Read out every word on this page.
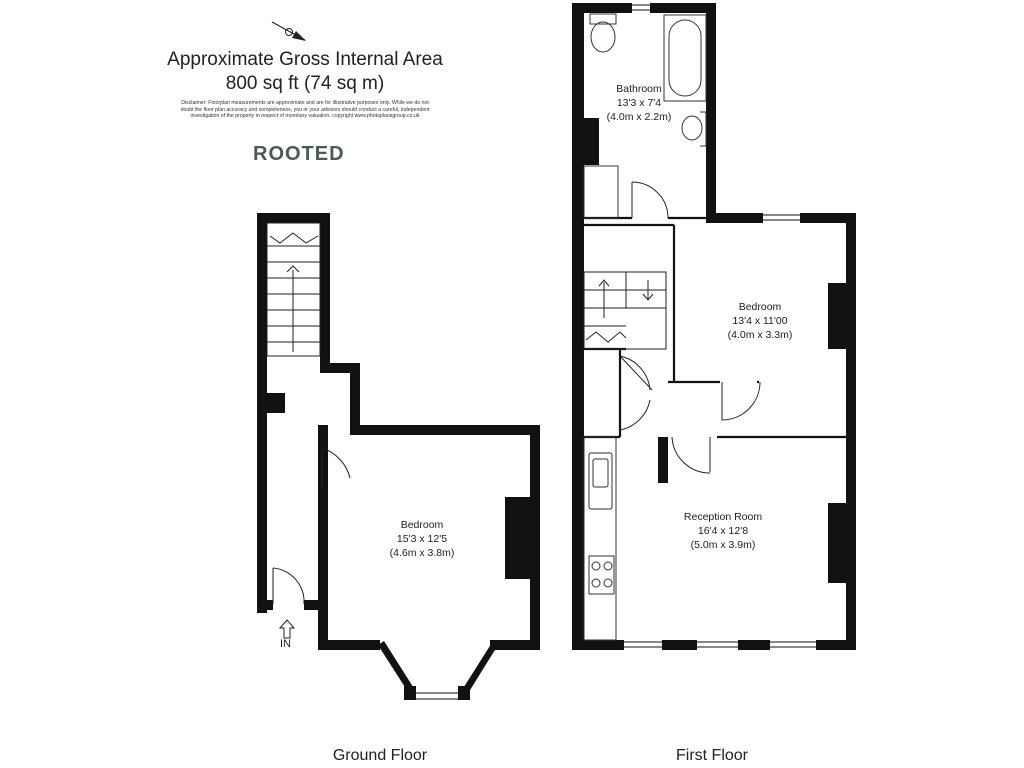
Approximate Gross Internal Area
800 sq ft (74 sq m)
Disclaimer: Floorplan measurements are approximate and are for illustrative purposes only. While we do not doubt the floor plan accuracy and completeness, you or your advisors should conduct a careful, independent investigation of the property in respect of monetary valuation. copyright www.photoplansgroup.co.uk
ROOTED
Bedroom
15'3 x 12'5
(4.6m x 3.8m)
IN
Ground Floor
Bathroom
13'3 x 7'4
(4.0m x 2.2m)
Bedroom
13'4 x 11'00
(4.0m x 3.3m)
Reception Room
16'4 x 12'8
(5.0m x 3.9m)
First Floor
